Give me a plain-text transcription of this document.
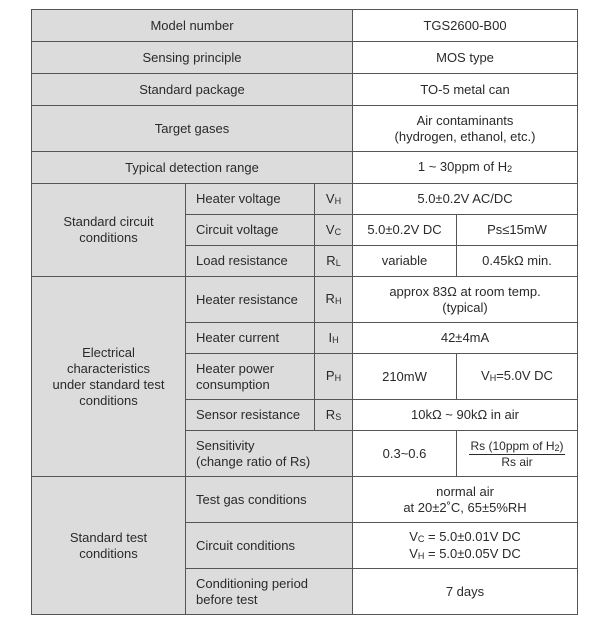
Model number			TGS2600-B00	
Sensing principle			MOS type	
Standard package			TO-5 metal can	
Target gases			Air contaminants
(hydrogen, ethanol, etc.)	

Typical detection range			1 ~ 30ppm of $H_2$

Standard circuit
conditions	Heater voltage	$V_H$	5.0±0.2V AC/DC	
	Circuit voltage	$V_C$	5.0±0.2V DC	Ps≤15mW
	Load resistance	$R_L$	variable	0.45kΩ min.

Electrical
characteristics
under standard test
conditions	Heater resistance	$R_H$	approx 83Ω at room temp.
(typical)	

	Heater current	$I_H$	42±4mA	

	Heater power
consumption	$P_H$	210mW	$V_H=5.0V$ DC
	Sensor resistance	$R_S$	10kΩ ~ 90kΩ in air	

	Sensitivity
(change ratio of Rs)		0.3~0.6	Rs (10ppm of $H_2$)
Rs air

Standard test
conditions	Test gas conditions		normal air
at 20±2˚C, 65±5%RH	

	Circuit conditions		$V_C = 5.0\pm 0.01V$ DC
$V_H = 5.0\pm 0.05V$ DC	

	Conditioning period
before test		7 days	
